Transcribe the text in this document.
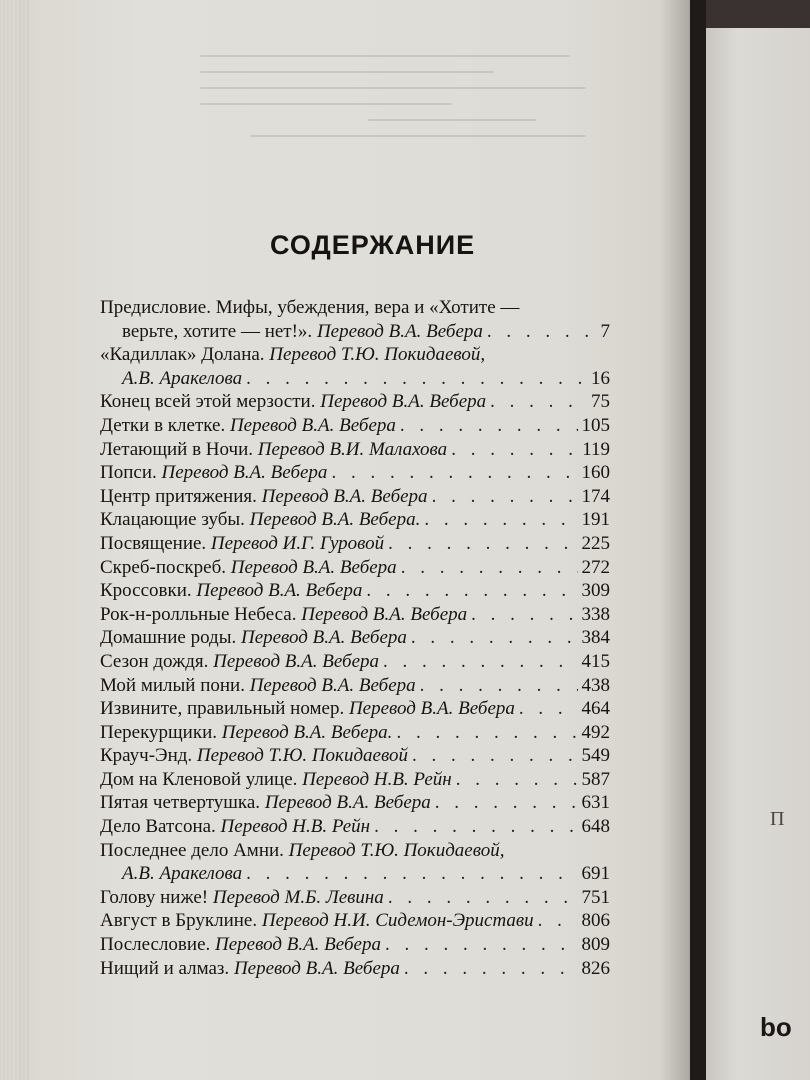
П
bo
СОДЕРЖАНИЕ
Предисловие. Мифы, убеждения, вера и «Хотите —
верьте, хотите — нет!».
Перевод В.А. Вебера . . .	7
«Кадиллак» Долана.
Перевод Т.Ю. Покидаевой,
А.В. Аракелова . . .	16
Конец всей этой мерзости.
Перевод В.А. Вебера . . .	75
Детки в клетке.
Перевод В.А. Вебера . . .	105
Летающий в Ночи.
Перевод В.И. Малахова . . .	119
Попси.
Перевод В.А. Вебера . . .	160
Центр притяжения.
Перевод В.А. Вебера . . .	174
Клацающие зубы.
Перевод В.А. Вебера. . . .	191
Посвящение.
Перевод И.Г. Гуровой . . .	225
Скреб-поскреб.
Перевод В.А. Вебера . . .	272
Кроссовки.
Перевод В.А. Вебера . . .	309
Рок-н-ролльные Небеса.
Перевод В.А. Вебера . . .	338
Домашние роды.
Перевод В.А. Вебера . . .	384
Сезон дождя.
Перевод В.А. Вебера . . .	415
Мой милый пони.
Перевод В.А. Вебера . . .	438
Извините, правильный номер.
Перевод В.А. Вебера . . .	464
Перекурщики.
Перевод В.А. Вебера. . . .	492
Крауч-Энд.
Перевод Т.Ю. Покидаевой . . .	549
Дом на Кленовой улице.
Перевод Н.В. Рейн . . .	587
Пятая четвертушка.
Перевод В.А. Вебера . . .	631
Дело Ватсона.
Перевод Н.В. Рейн . . .	648
Последнее дело Амни.
Перевод Т.Ю. Покидаевой,
А.В. Аракелова . . .	691
Голову ниже!
Перевод М.Б. Левина . . .	751
Август в Бруклине.
Перевод Н.И. Сидемон-Эристави . . .	806
Послесловие.
Перевод В.А. Вебера . . .	809
Нищий и алмаз.
Перевод В.А. Вебера . . .	826
